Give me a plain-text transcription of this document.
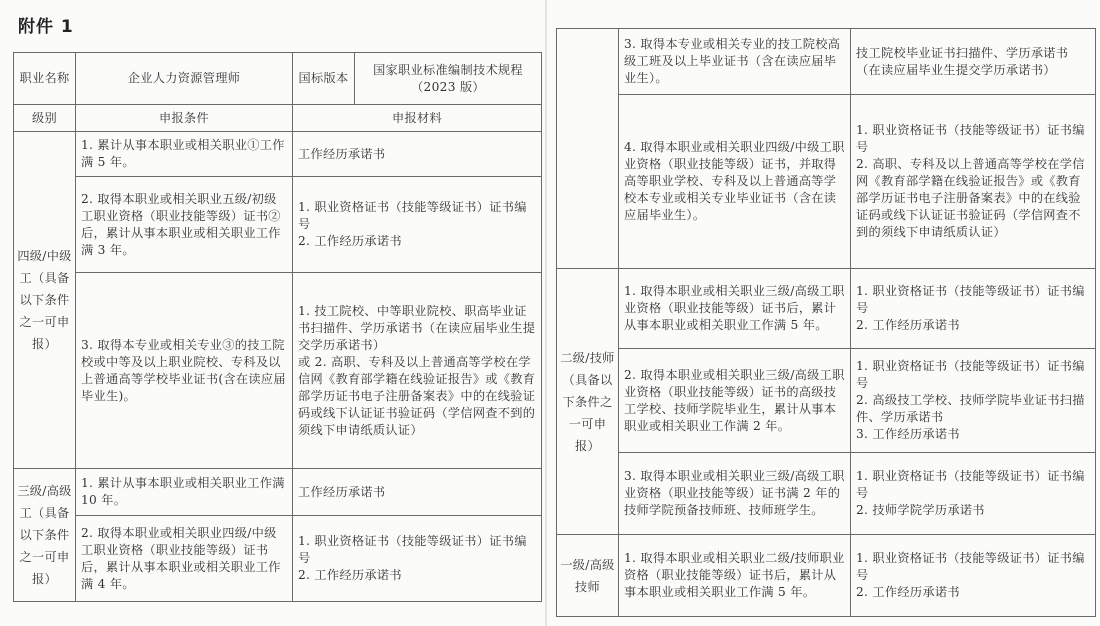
附件 1
职业名称	企业人力资源管理师	国标版本	国家职业标准编制技术规程（2023 版）
级别	申报条件	申报材料	
四级/中级工（具备以下条件之一可申报）	1. 累计从事本职业或相关职业①工作满 5 年。	工作经历承诺书	
	2. 取得本职业或相关职业五级/初级工职业资格（职业技能等级）证书②后，累计从事本职业或相关职业工作满 3 年。	1. 职业资格证书（技能等级证书）证书编号
2. 工作经历承诺书	
	3. 取得本专业或相关专业③的技工院校或中等及以上职业院校、专科及以上普通高等学校毕业证书(含在读应届毕业生)。	1. 技工院校、中等职业院校、职高毕业证书扫描件、学历承诺书（在读应届毕业生提交学历承诺书）
或 2. 高职、专科及以上普通高等学校在学信网《教育部学籍在线验证报告》或《教育部学历证书电子注册备案表》中的在线验证码或线下认证证书验证码（学信网查不到的须线下申请纸质认证）	
三级/高级工（具备以下条件之一可申报）	1. 累计从事本职业或相关职业工作满 10 年。	工作经历承诺书	
	2. 取得本职业或相关职业四级/中级工职业资格（职业技能等级）证书后，累计从事本职业或相关职业工作满 4 年。	1. 职业资格证书（技能等级证书）证书编号
2. 工作经历承诺书	
	3. 取得本专业或相关专业的技工院校高级工班及以上毕业证书（含在读应届毕业生）。	技工院校毕业证书扫描件、学历承诺书（在读应届毕业生提交学历承诺书）
	4. 取得本职业或相关职业四级/中级工职业资格（职业技能等级）证书，并取得高等职业学校、专科及以上普通高等学校本专业或相关专业毕业证书（含在读应届毕业生）。	1. 职业资格证书（技能等级证书）证书编号
2. 高职、专科及以上普通高等学校在学信网《教育部学籍在线验证报告》或《教育部学历证书电子注册备案表》中的在线验证码或线下认证证书验证码（学信网查不到的须线下申请纸质认证）
二级/技师（具备以下条件之一可申报）	1. 取得本职业或相关职业三级/高级工职业资格（职业技能等级）证书后，累计从事本职业或相关职业工作满 5 年。	1. 职业资格证书（技能等级证书）证书编号
2. 工作经历承诺书
	2. 取得本职业或相关职业三级/高级工职业资格（职业技能等级）证书的高级技工学校、技师学院毕业生，累计从事本职业或相关职业工作满 2 年。	1. 职业资格证书（技能等级证书）证书编号
2. 高级技工学校、技师学院毕业证书扫描件、学历承诺书
3. 工作经历承诺书
	3. 取得本职业或相关职业三级/高级工职业资格（职业技能等级）证书满 2 年的技师学院预备技师班、技师班学生。	1. 职业资格证书（技能等级证书）证书编号
2. 技师学院学历承诺书
一级/高级技师	1. 取得本职业或相关职业二级/技师职业资格（职业技能等级）证书后，累计从事本职业或相关职业工作满 5 年。	1. 职业资格证书（技能等级证书）证书编号
2. 工作经历承诺书
